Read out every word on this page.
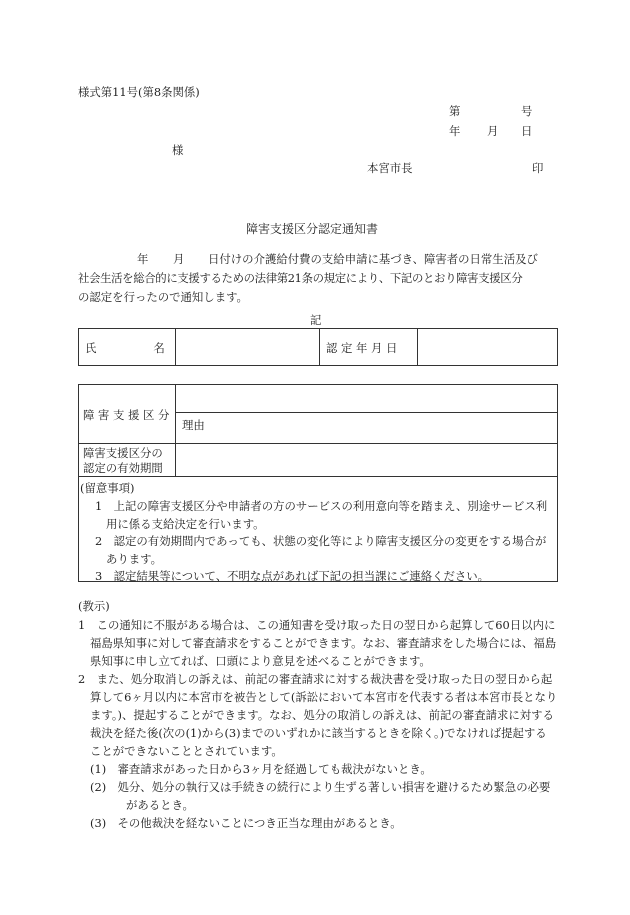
様式第11号(第8条関係)
第	号
年 月 日
様
本宮市長	印
障害支援区分認定通知書
年 月 日付けの介護給付費の支給申請に基づき、障害者の日常生活及び
社会生活を総合的に支援するための法律第21条の規定により、下記のとおり障害支援区分
の認定を行ったので通知します。
記
氏　　　　　名	認 定 年 月 日
障 害 支 援 区 分
理由
障害支援区分の
認定の有効期間
(留意事項)
1　上記の障害支援区分や申請者の方のサービスの利用意向等を踏まえ、別途サービス利用に係る支給決定を行います。
2　認定の有効期間内であっても、状態の変化等により障害支援区分の変更をする場合があります。
3　認定結果等について、不明な点があれば下記の担当課にご連絡ください。
(教示)
1　この通知に不服がある場合は、この通知書を受け取った日の翌日から起算して60日以内に福島県知事に対して審査請求をすることができます。なお、審査請求をした場合には、福島県知事に申し立てれば、口頭により意見を述べることができます。
2　また、処分取消しの訴えは、前記の審査請求に対する裁決書を受け取った日の翌日から起算して6ヶ月以内に本宮市を被告として(訴訟において本宮市を代表する者は本宮市長となります。)、提起することができます。なお、処分の取消しの訴えは、前記の審査請求に対する裁決を経た後(次の(1)から(3)までのいずれかに該当するときを除く。)でなければ提起することができないこととされています。
(1)　審査請求があった日から3ヶ月を経過しても裁決がないとき。
(2)　処分、処分の執行又は手続きの続行により生ずる著しい損害を避けるため緊急の必要があるとき。
(3)　その他裁決を経ないことにつき正当な理由があるとき。
